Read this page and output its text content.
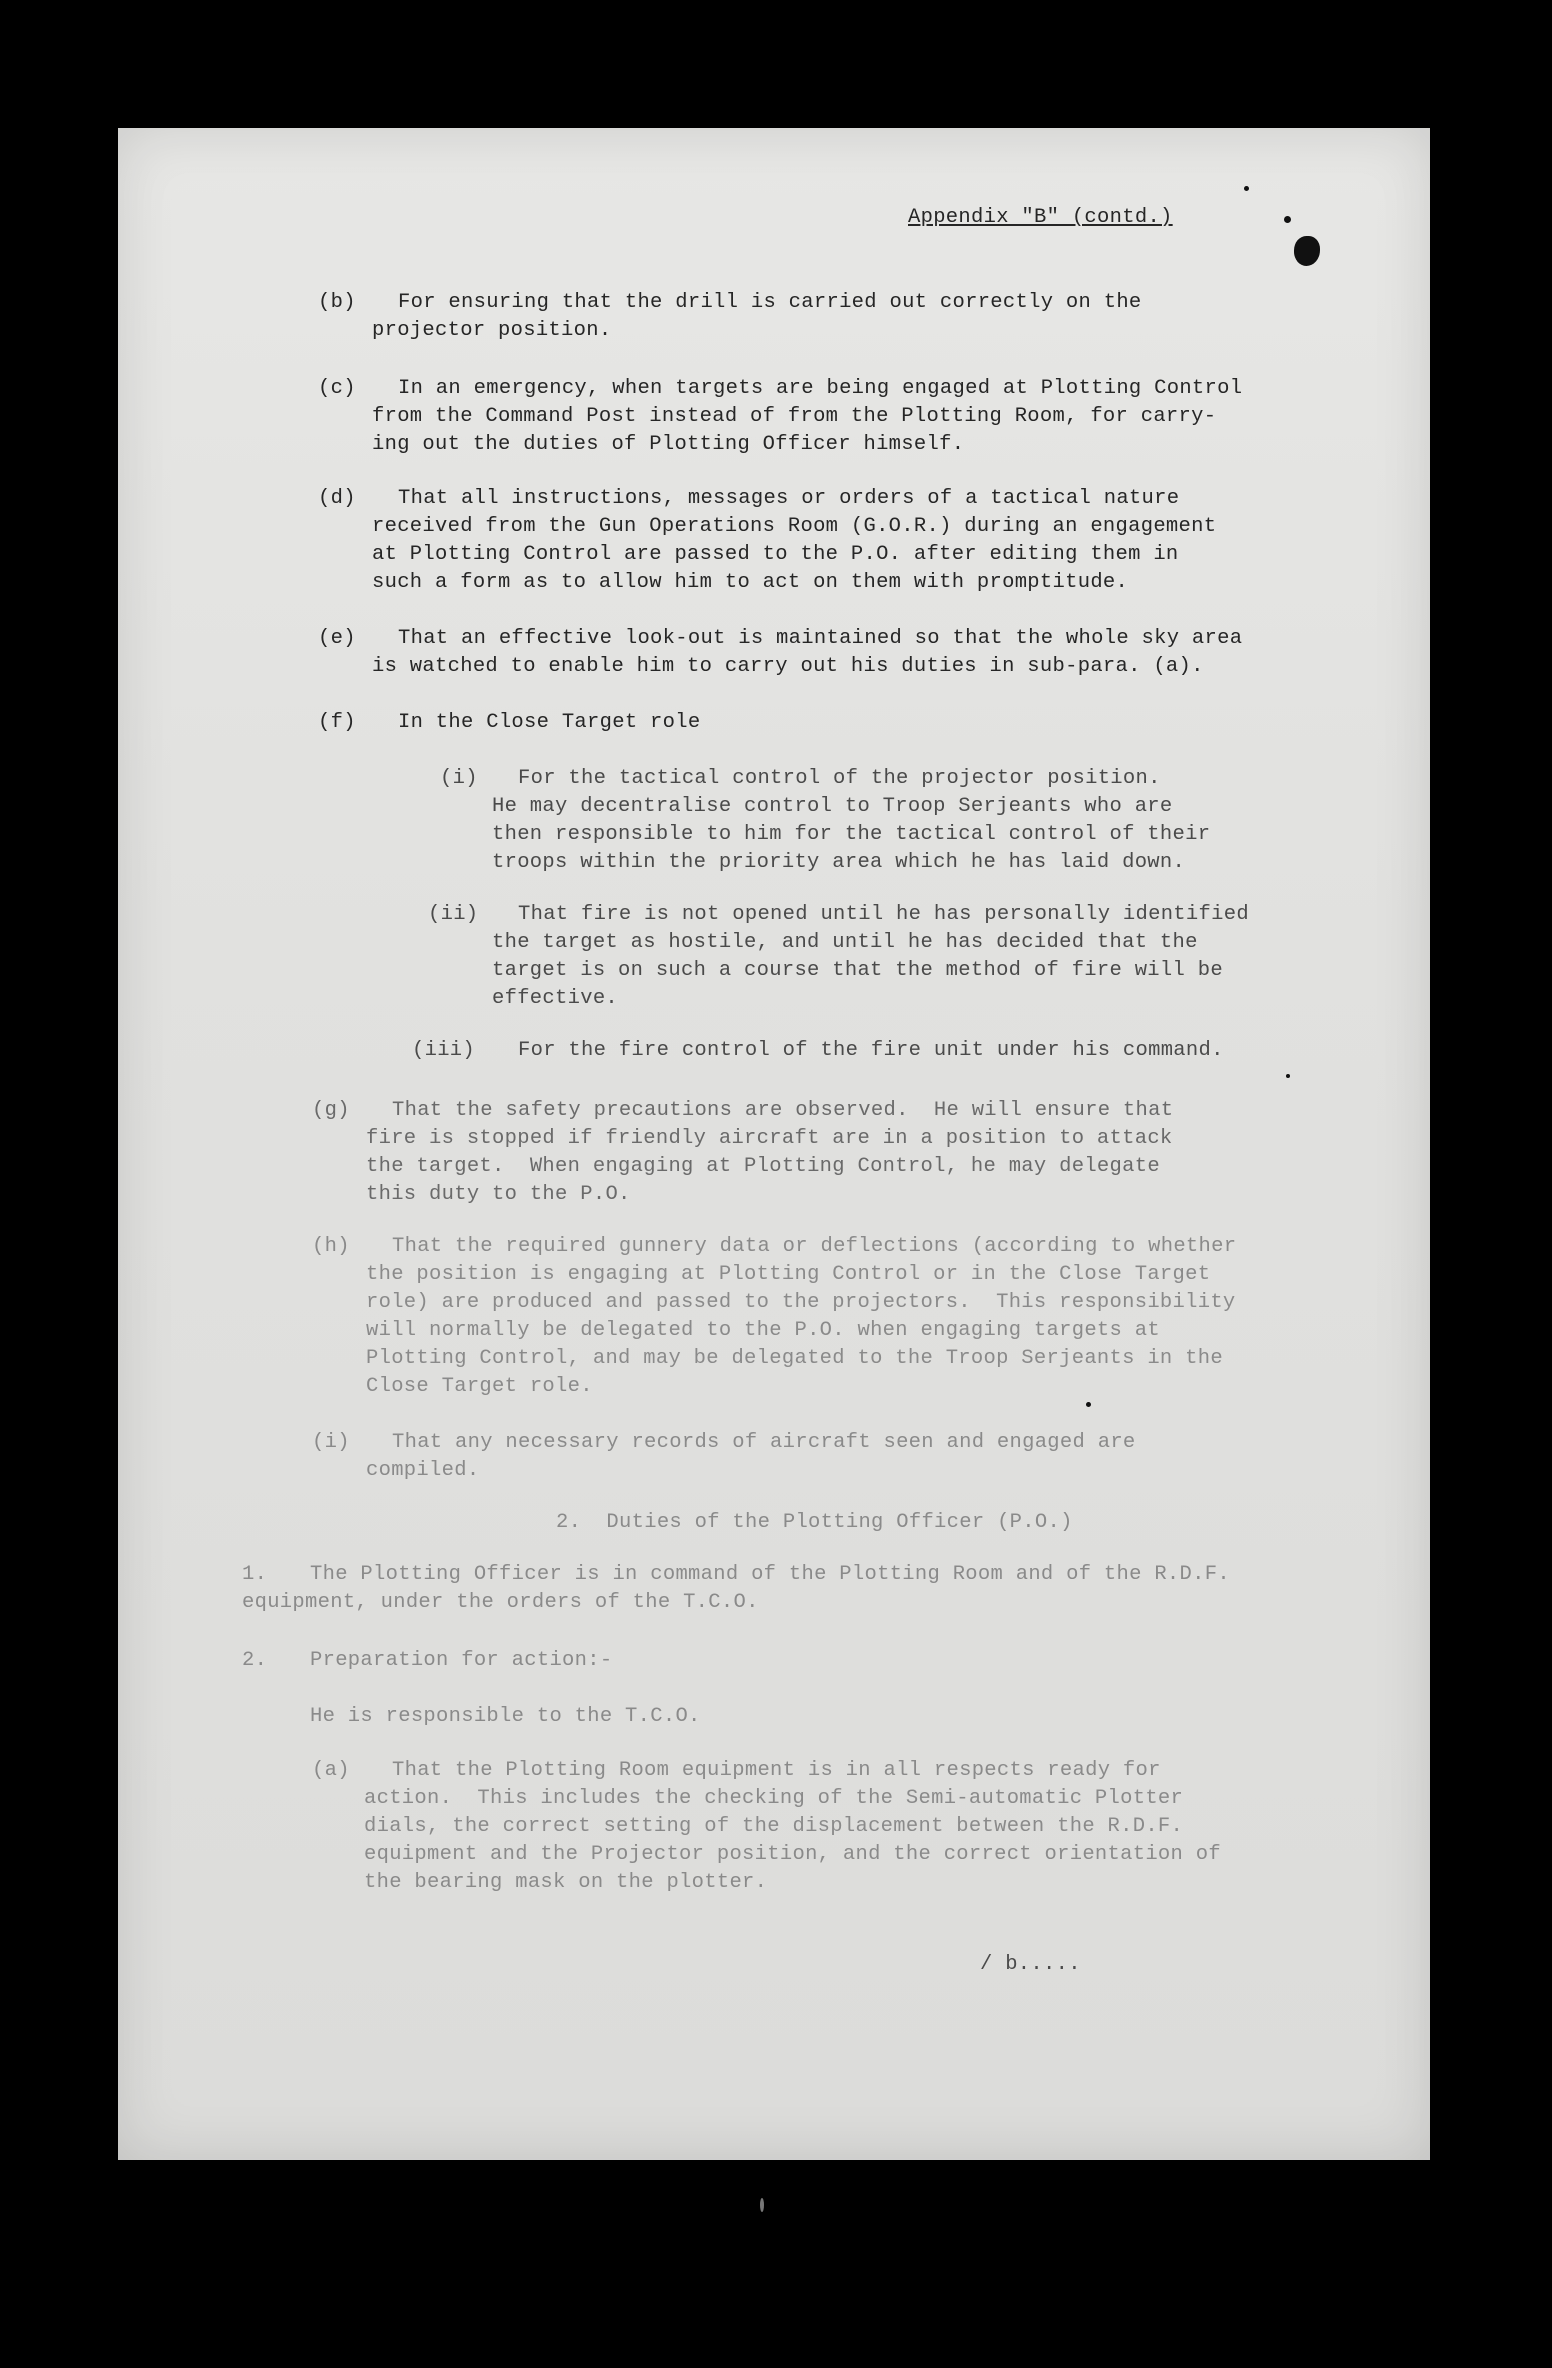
Appendix "B" (contd.)
(b) For ensuring that the drill is carried out correctly on the
projector position.
(c) In an emergency, when targets are being engaged at Plotting Control
from the Command Post instead of from the Plotting Room, for carry-
ing out the duties of Plotting Officer himself.
(d) That all instructions, messages or orders of a tactical nature
received from the Gun Operations Room (G.O.R.) during an engagement
at Plotting Control are passed to the P.O. after editing them in
such a form as to allow him to act on them with promptitude.
(e) That an effective look-out is maintained so that the whole sky area
is watched to enable him to carry out his duties in sub-para. (a).
(f) In the Close Target role
(i) For the tactical control of the projector position.
He may decentralise control to Troop Serjeants who are
then responsible to him for the tactical control of their
troops within the priority area which he has laid down.
(ii) That fire is not opened until he has personally identified
the target as hostile, and until he has decided that the
target is on such a course that the method of fire will be
effective.
(iii) For the fire control of the fire unit under his command.
(g) That the safety precautions are observed.  He will ensure that
fire is stopped if friendly aircraft are in a position to attack
the target.  When engaging at Plotting Control, he may delegate
this duty to the P.O.
(h) That the required gunnery data or deflections (according to whether
the position is engaging at Plotting Control or in the Close Target
role) are produced and passed to the projectors.  This responsibility
will normally be delegated to the P.O. when engaging targets at
Plotting Control, and may be delegated to the Troop Serjeants in the
Close Target role.
(i) That any necessary records of aircraft seen and engaged are
compiled.
2.  Duties of the Plotting Officer (P.O.)
1. The Plotting Officer is in command of the Plotting Room and of the R.D.F.
equipment, under the orders of the T.C.O.
2. Preparation for action:-
He is responsible to the T.C.O.
(a) That the Plotting Room equipment is in all respects ready for
action.  This includes the checking of the Semi-automatic Plotter
dials, the correct setting of the displacement between the R.D.F.
equipment and the Projector position, and the correct orientation of
the bearing mask on the plotter.
/ b.....
